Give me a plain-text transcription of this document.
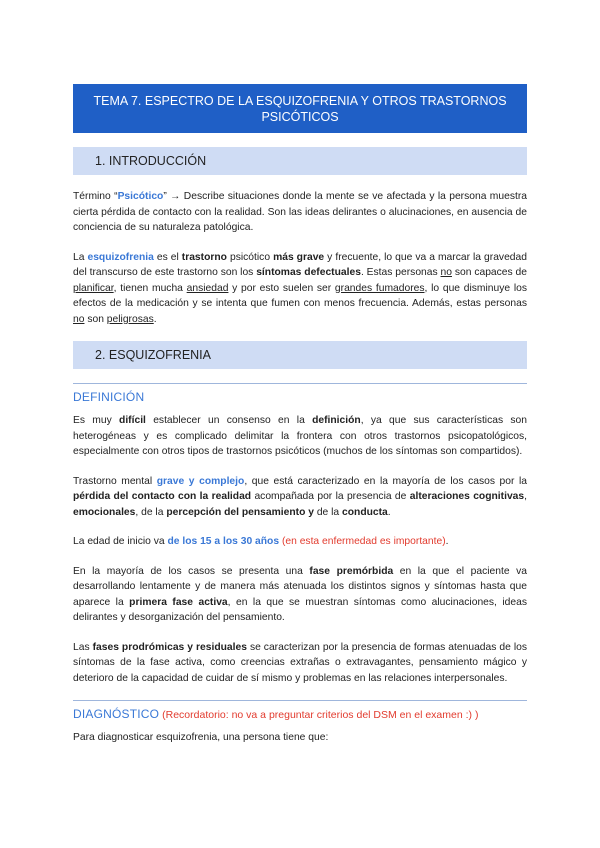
TEMA 7. ESPECTRO DE LA ESQUIZOFRENIA Y OTROS TRASTORNOS
PSICÓTICOS
1. INTRODUCCIÓN

Término “Psicótico” → Describe situaciones donde la mente se ve afectada y la persona muestra cierta pérdida de contacto con la realidad. Son las ideas delirantes o alucinaciones, en ausencia de conciencia de su naturaleza patológica.

La esquizofrenia es el trastorno psicótico más grave y frecuente, lo que va a marcar la gravedad del transcurso de este trastorno son los síntomas defectuales. Estas personas no son capaces de planificar, tienen mucha ansiedad y por esto suelen ser grandes fumadores, lo que disminuye los efectos de la medicación y se intenta que fumen con menos frecuencia. Además, estas personas no son peligrosas.

2. ESQUIZOFRENIA
DEFINICIÓN

Es muy difícil establecer un consenso en la definición, ya que sus características son heterogéneas y es complicado delimitar la frontera con otros trastornos psicopatológicos, especialmente con otros tipos de trastornos psicóticos (muchos de los síntomas son compartidos).

Trastorno mental grave y complejo, que está caracterizado en la mayoría de los casos por la pérdida del contacto con la realidad acompañada por la presencia de alteraciones cognitivas, emocionales, de la percepción del pensamiento y de la conducta.

La edad de inicio va de los 15 a los 30 años (en esta enfermedad es importante).

En la mayoría de los casos se presenta una fase premórbida en la que el paciente va desarrollando lentamente y de manera más atenuada los distintos signos y síntomas hasta que aparece la primera fase activa, en la que se muestran síntomas como alucinaciones, ideas delirantes y desorganización del pensamiento.

Las fases prodrómicas y residuales se caracterizan por la presencia de formas atenuadas de los síntomas de la fase activa, como creencias extrañas o extravagantes, pensamiento mágico y deterioro de la capacidad de cuidar de sí mismo y problemas en las relaciones interpersonales.

DIAGNÓSTICO (Recordatorio: no va a preguntar criterios del DSM en el examen :) )

Para diagnosticar esquizofrenia, una persona tiene que:
